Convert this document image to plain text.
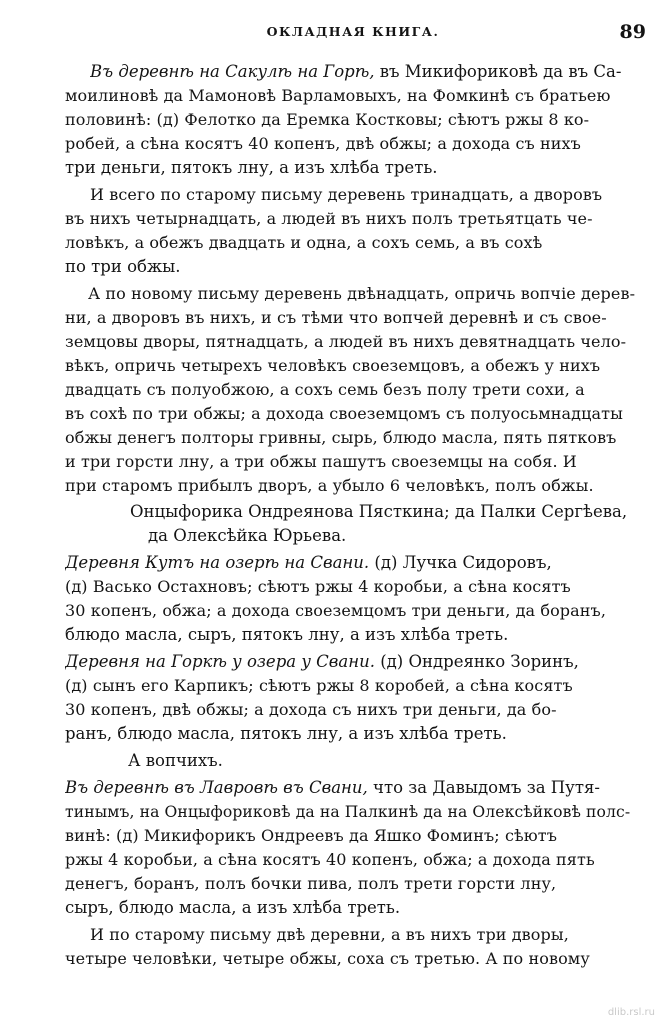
ОКЛАДНАЯ КНИГА.	89
Въ деревнѣ на Сакулѣ на Горѣ, въ Микифориковѣ да въ Са-
моилиновѣ да Мамоновѣ Варламовыхъ, на Фомкинѣ съ братьею
половинѣ: (д) Фелотко да Еремка Костковы; сѣютъ ржы 8 ко-
робей, а сѣна косятъ 40 копенъ, двѣ обжы; а дохода съ нихъ
три деньги, пятокъ лну, а изъ хлѣба треть.
И всего по старому письму деревень тринадцать, а дворовъ
въ нихъ четырнадцать, а людей въ нихъ полъ третьятцать че-
ловѣкъ, а обежъ двадцать и одна, а сохъ семь, а въ сохѣ
по три обжы.
А по новому письму деревень двѣнадцать, опричь вопчіе дерев-
ни, а дворовъ въ нихъ, и съ тѣми что вопчей деревнѣ и съ свое-
земцовы дворы, пятнадцать, а людей въ нихъ девятнадцать чело-
вѣкъ, опричь четырехъ человѣкъ своеземцовъ, а обежъ у нихъ
двадцать съ полуобжою, а сохъ семь безъ полу трети сохи, а
въ сохѣ по три обжы; а дохода своеземцомъ съ полуосьмнадцаты
обжы денегъ полторы гривны, сырь, блюдо масла, пять пятковъ
и три горсти лну, а три обжы пашутъ своеземцы на собя. И
при старомъ прибылъ дворъ, а убыло 6 человѣкъ, полъ обжы.
Онцыфорика Ондреянова Пясткина; да Палки Сергѣева,
да Олексѣйка Юрьева.
Деревня Кутъ на озерѣ на Свани. (д) Лучка Сидоровъ,
(д) Васько Остахновъ; сѣютъ ржы 4 коробьи, а сѣна косятъ
30 копенъ, обжа; а дохода своеземцомъ три деньги, да боранъ,
блюдо масла, сыръ, пятокъ лну, а изъ хлѣба треть.
Деревня на Горкѣ у озера у Свани. (д) Ондреянко Зоринъ,
(д) сынъ его Карпикъ; сѣютъ ржы 8 коробей, а сѣна косятъ
30 копенъ, двѣ обжы; а дохода съ нихъ три деньги, да бо-
ранъ, блюдо масла, пятокъ лну, а изъ хлѣба треть.
А вопчихъ.
Въ деревнѣ въ Лавровѣ въ Свани, что за Давыдомъ за Путя-
тинымъ, на Онцыфориковѣ да на Палкинѣ да на Олексѣйковѣ полс-
винѣ: (д) Микифорикъ Ондреевъ да Яшко Фоминъ; сѣютъ
ржы 4 коробьи, а сѣна косятъ 40 копенъ, обжа; а дохода пять
денегъ, боранъ, полъ бочки пива, полъ трети горсти лну,
сыръ, блюдо масла, а изъ хлѣба треть.
И по старому письму двѣ деревни, а въ нихъ три дворы,
четыре человѣки, четыре обжы, соха съ третью. А по новому
dlib.rsl.ru
